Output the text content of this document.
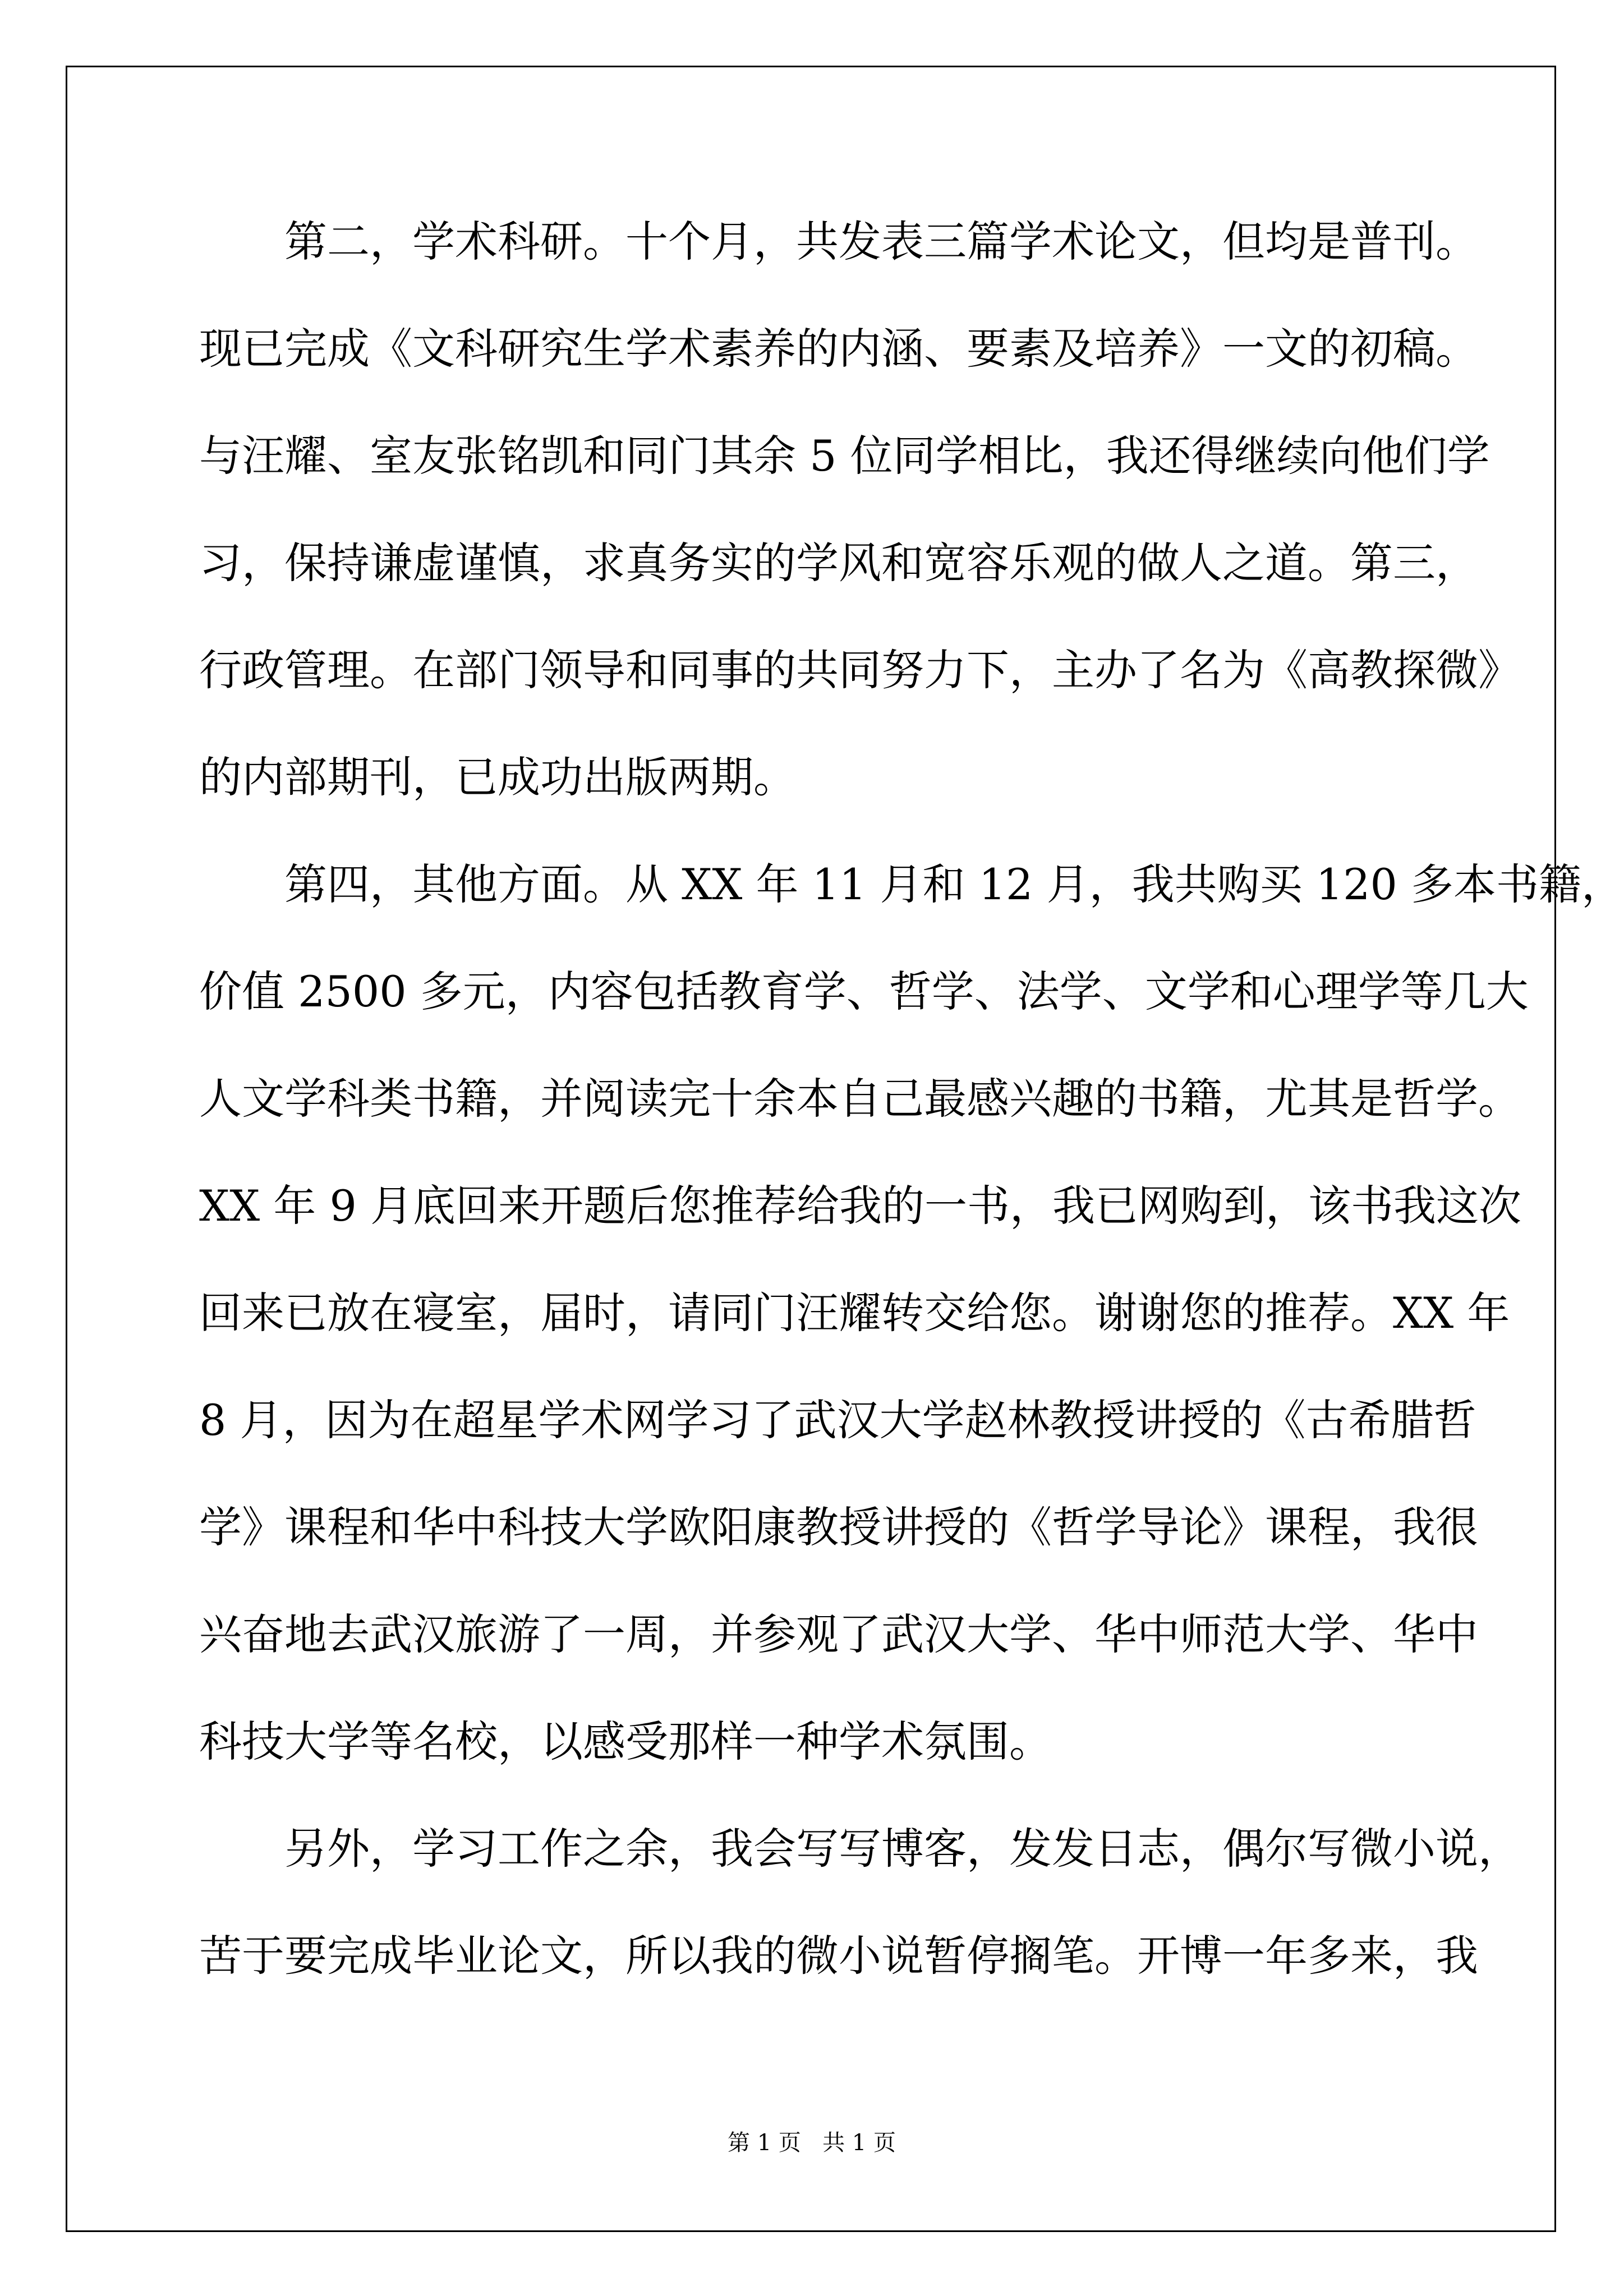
第二，学术科研。十个月，共发表三篇学术论文，但均是普刊。
现已完成《文科研究生学术素养的内涵、要素及培养》一文的初稿。
与汪耀、室友张铭凯和同门其余 5 位同学相比，我还得继续向他们学
习，保持谦虚谨慎，求真务实的学风和宽容乐观的做人之道。第三，
行政管理。在部门领导和同事的共同努力下，主办了名为《高教探微》
的内部期刊，已成功出版两期。
第四，其他方面。从 XX 年 11 月和 12 月，我共购买 120 多本书籍，
价值 2500 多元，内容包括教育学、哲学、法学、文学和心理学等几大
人文学科类书籍，并阅读完十余本自己最感兴趣的书籍，尤其是哲学。
XX 年 9 月底回来开题后您推荐给我的一书，我已网购到，该书我这次
回来已放在寝室，届时，请同门汪耀转交给您。谢谢您的推荐。XX 年
8 月，因为在超星学术网学习了武汉大学赵林教授讲授的《古希腊哲
学》课程和华中科技大学欧阳康教授讲授的《哲学导论》课程，我很
兴奋地去武汉旅游了一周，并参观了武汉大学、华中师范大学、华中
科技大学等名校，以感受那样一种学术氛围。
另外，学习工作之余，我会写写博客，发发日志，偶尔写微小说，
苦于要完成毕业论文，所以我的微小说暂停搁笔。开博一年多来，我
第 1 页   共 1 页
